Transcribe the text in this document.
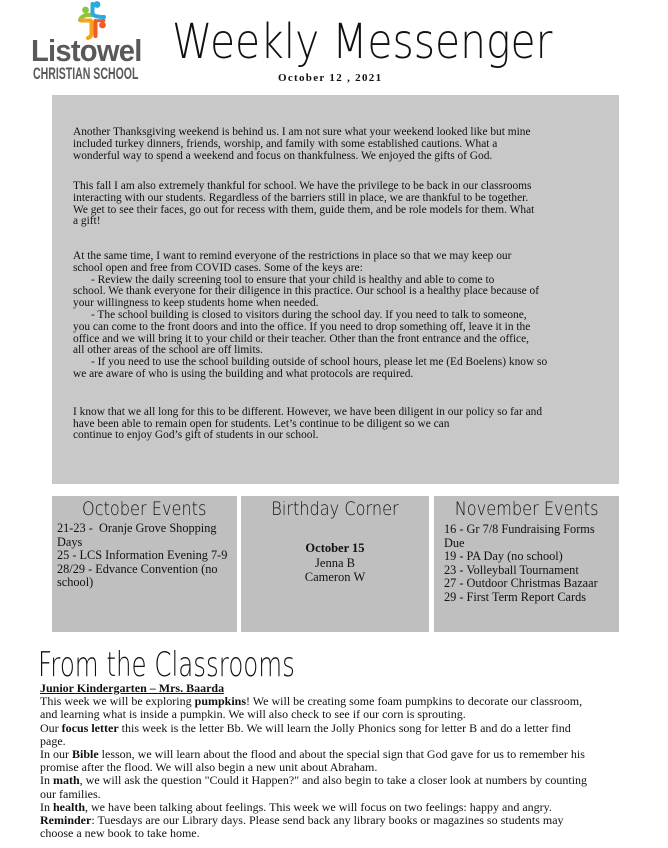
Listowel
CHRISTIAN SCHOOL
Weekly Messenger
October 12 , 2021
Another Thanksgiving weekend is behind us. I am not sure what your weekend looked like but mine
included turkey dinners, friends, worship, and family with some established cautions. What a
wonderful way to spend a weekend and focus on thankfulness. We enjoyed the gifts of God.
This fall I am also extremely thankful for school. We have the privilege to be back in our classrooms
interacting with our students. Regardless of the barriers still in place, we are thankful to be together.
We get to see their faces, go out for recess with them, guide them, and be role models for them. What
a gift!
At the same time, I want to remind everyone of the restrictions in place so that we may keep our
school open and free from COVID cases. Some of the keys are:
- Review the daily screening tool to ensure that your child is healthy and able to come to
school. We thank everyone for their diligence in this practice. Our school is a healthy place because of
your willingness to keep students home when needed.
- The school building is closed to visitors during the school day. If you need to talk to someone,
you can come to the front doors and into the office. If you need to drop something off, leave it in the
office and we will bring it to your child or their teacher. Other than the front entrance and the office,
all other areas of the school are off limits.
- If you need to use the school building outside of school hours, please let me (Ed Boelens) know so
we are aware of who is using the building and what protocols are required.
I know that we all long for this to be different. However, we have been diligent in our policy so far and
have been able to remain open for students. Let’s continue to be diligent so we can
continue to enjoy God’s gift of students in our school.
October Events
21-23 -  Oranje Grove Shopping Days
25 - LCS Information Evening 7-9
28/29 - Edvance Convention (no school)
Birthday Corner
October 15
Jenna B
Cameron W
November Events
16 - Gr 7/8 Fundraising Forms Due
19 - PA Day (no school)
23 - Volleyball Tournament
27 - Outdoor Christmas Bazaar
29 - First Term Report Cards
From the Classrooms
Junior Kindergarten – Mrs. Baarda
This week we will be exploring pumpkins! We will be creating some foam pumpkins to decorate our classroom,
and learning what is inside a pumpkin. We will also check to see if our corn is sprouting.
Our focus letter this week is the letter Bb. We will learn the Jolly Phonics song for letter B and do a letter find
page.
In our Bible lesson, we will learn about the flood and about the special sign that God gave for us to remember his
promise after the flood. We will also begin a new unit about Abraham.
In math, we will ask the question "Could it Happen?" and also begin to take a closer look at numbers by counting
our families.
In health, we have been talking about feelings. This week we will focus on two feelings: happy and angry.
Reminder: Tuesdays are our Library days. Please send back any library books or magazines so students may
choose a new book to take home.
